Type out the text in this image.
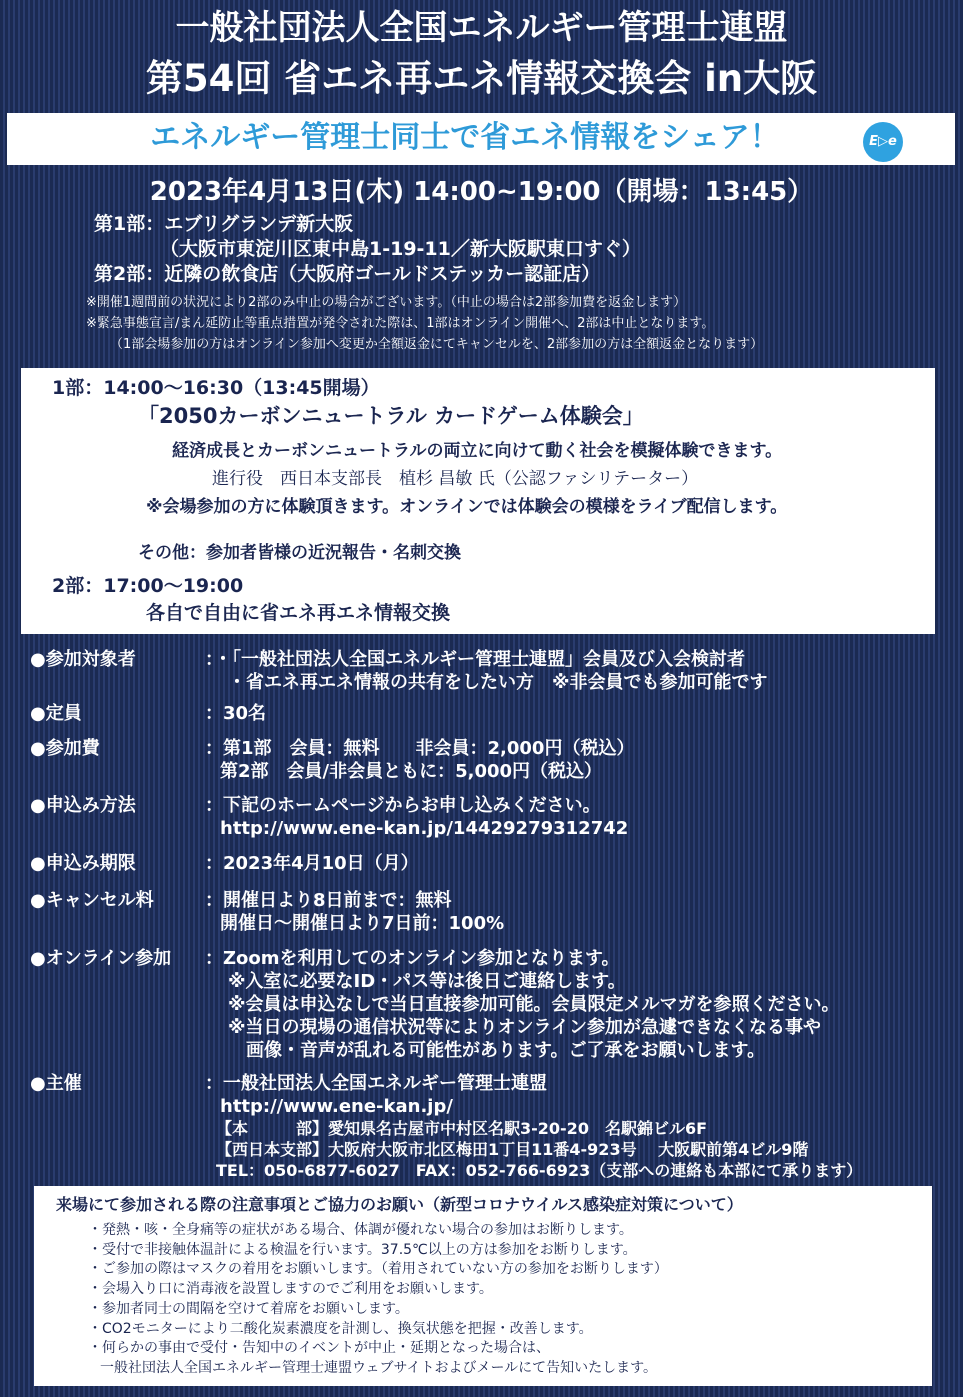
一般社団法人全国エネルギー管理士連盟
第54回 省エネ再エネ情報交換会 in大阪
エネルギー管理士同士で省エネ情報をシェア！	E▷e
2023年4月13日(木) 14:00~19:00（開場：13:45）
第1部：エブリグランデ新大阪
（大阪市東淀川区東中島1-19-11／新大阪駅東口すぐ）
第2部：近隣の飲食店（大阪府ゴールドステッカー認証店）
※開催1週間前の状況により2部のみ中止の場合がございます。（中止の場合は2部参加費を返金します）
※緊急事態宣言/まん延防止等重点措置が発令された際は、1部はオンライン開催へ、2部は中止となります。
（1部会場参加の方はオンライン参加へ変更か全額返金にてキャンセルを、2部参加の方は全額返金となります）
1部：14:00～16:30（13:45開場）
「2050カーボンニュートラル カードゲーム体験会」
経済成長とカーボンニュートラルの両立に向けて動く社会を模擬体験できます。
進行役　西日本支部長　植杉 昌敏 氏（公認ファシリテーター）
※会場参加の方に体験頂きます。オンラインでは体験会の模様をライブ配信します。
その他：参加者皆様の近況報告・名刺交換
2部：17:00～19:00
各自で自由に省エネ再エネ情報交換
●参加対象者	：・「一般社団法人全国エネルギー管理士連盟」会員及び入会検討者
・省エネ再エネ情報の共有をしたい方　※非会員でも参加可能です
●定員	：30名
●参加費	：第1部　会員：無料　　非会員：2,000円（税込）
第2部　会員/非会員ともに：5,000円（税込）
●申込み方法	：下記のホームページからお申し込みください。
http://www.ene-kan.jp/14429279312742
●申込み期限	：2023年4月10日（月）
●キャンセル料	：開催日より8日前まで：無料
開催日～開催日より7日前：100%
●オンライン参加 ：Zoomを利用してのオンライン参加となります。
※入室に必要なID・パス等は後日ご連絡します。
※会員は申込なしで当日直接参加可能。会員限定メルマガを参照ください。
※当日の現場の通信状況等によりオンライン参加が急遽できなくなる事や
画像・音声が乱れる可能性があります。ご了承をお願いします。
●主催	：一般社団法人全国エネルギー管理士連盟
http://www.ene-kan.jp/
【本　　　部】愛知県名古屋市中村区名駅3-20-20　名駅錦ビル6F
【西日本支部】大阪府大阪市北区梅田1丁目11番4-923号　 大阪駅前第4ビル9階
TEL：050-6877-6027　FAX：052-766-6923（支部への連絡も本部にて承ります）
来場にて参加される際の注意事項とご協力のお願い（新型コロナウイルス感染症対策について）
・発熱・咳・全身痛等の症状がある場合、体調が優れない場合の参加はお断りします。
・受付で非接触体温計による検温を行います。37.5℃以上の方は参加をお断りします。
・ご参加の際はマスクの着用をお願いします。（着用されていない方の参加をお断りします）
・会場入り口に消毒液を設置しますのでご利用をお願いします。
・参加者同士の間隔を空けて着席をお願いします。
・CO2モニターにより二酸化炭素濃度を計測し、換気状態を把握・改善します。
・何らかの事由で受付・告知中のイベントが中止・延期となった場合は、
一般社団法人全国エネルギー管理士連盟ウェブサイトおよびメールにて告知いたします。
